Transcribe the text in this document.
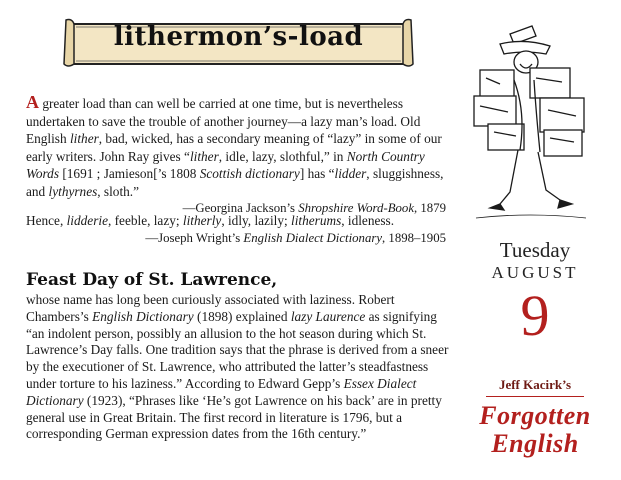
lithermon’s-load
A greater load than can well be carried at one time, but is nevertheless undertaken to save the trouble of another journey—a lazy man’s load. Old English lither, bad, wicked, has a secondary meaning of “lazy” in some of our early writers. John Ray gives “lither, idle, lazy, slothful,” in North Country Words [1691 ; Jamieson[’s 1808 Scottish dictionary] has “lidder, sluggishness, and lythyrnes, sloth.”
—Georgina Jackson’s Shropshire Word-Book, 1879
Hence, lidderie, feeble, lazy; litherly, idly, lazily; litherums, idleness.
—Joseph Wright’s English Dialect Dictionary, 1898–1905
Feast Day of St. Lawrence,
whose name has long been curiously associated with laziness. Robert Chambers’s English Dictionary (1898) explained lazy Laurence as signifying “an indolent person, possibly an allusion to the hot season during which St. Lawrence’s Day falls. One tradition says that the phrase is derived from a sneer by the executioner of St. Lawrence, who attributed the latter’s steadfastness under torture to his laziness.” According to Edward Gepp’s Essex Dialect Dictionary (1923), “Phrases like ‘He’s got Lawrence on his back’ are in pretty general use in Great Britain. The first record in literature is 1796, but a corresponding German expression dates from the 16th century.”
Tuesday
AUGUST
9
Jeff Kacirk’s
Forgotten
English
